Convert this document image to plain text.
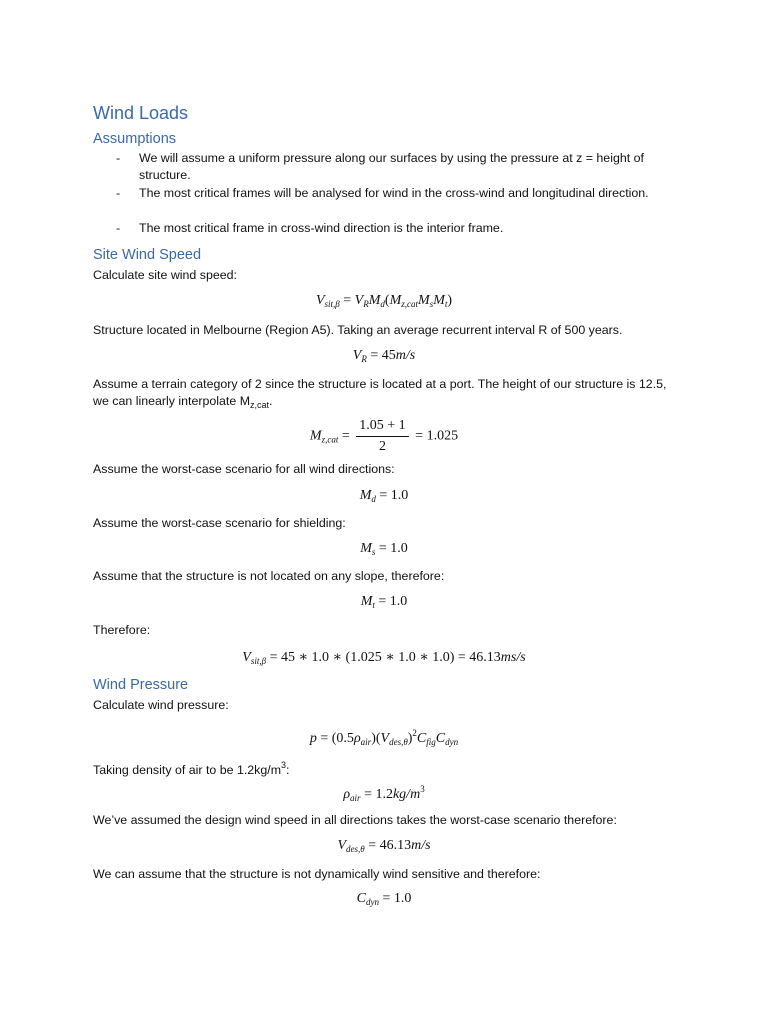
Wind Loads
Assumptions
- We will assume a uniform pressure along our surfaces by using the pressure at z = height of structure.
- The most critical frames will be analysed for wind in the cross-wind and longitudinal direction.
- The most critical frame in cross-wind direction is the interior frame.
Site Wind Speed
Calculate site wind speed:
$V_{sit,\beta} = V_RM_d(M_{z,cat}M_sM_t)$
Structure located in Melbourne (Region A5). Taking an average recurrent interval R of 500 years.
$V_R = 45m/s$
Assume a terrain category of 2 since the structure is located at a port. The height of our structure is 12.5, we can linearly interpolate $M_{z,cat}$.
$M_{z,cat} = \frac{1.05 + 1}{2} = 1.025$
Assume the worst-case scenario for all wind directions:
$M_d = 1.0$
Assume the worst-case scenario for shielding:
$M_s = 1.0$
Assume that the structure is not located on any slope, therefore:
$M_t = 1.0$
Therefore:
$V_{sit,\beta} = 45$ ∗ 1.0 ∗ (1.025 ∗ 1.0 ∗ 1.0) = 46.13ms/s
Wind Pressure
Calculate wind pressure:
$p = (0.5\rho_{air})(V_{des,\theta})^2C_{fig}C_{dyn}$
Taking density of air to be $1.2kg/m^3$:
$\rho_{air} = 1.2kg/m^3$
We’ve assumed the design wind speed in all directions takes the worst-case scenario therefore:
$V_{des,\theta} = 46.13m/s$
We can assume that the structure is not dynamically wind sensitive and therefore:
$C_{dyn} = 1.0$
